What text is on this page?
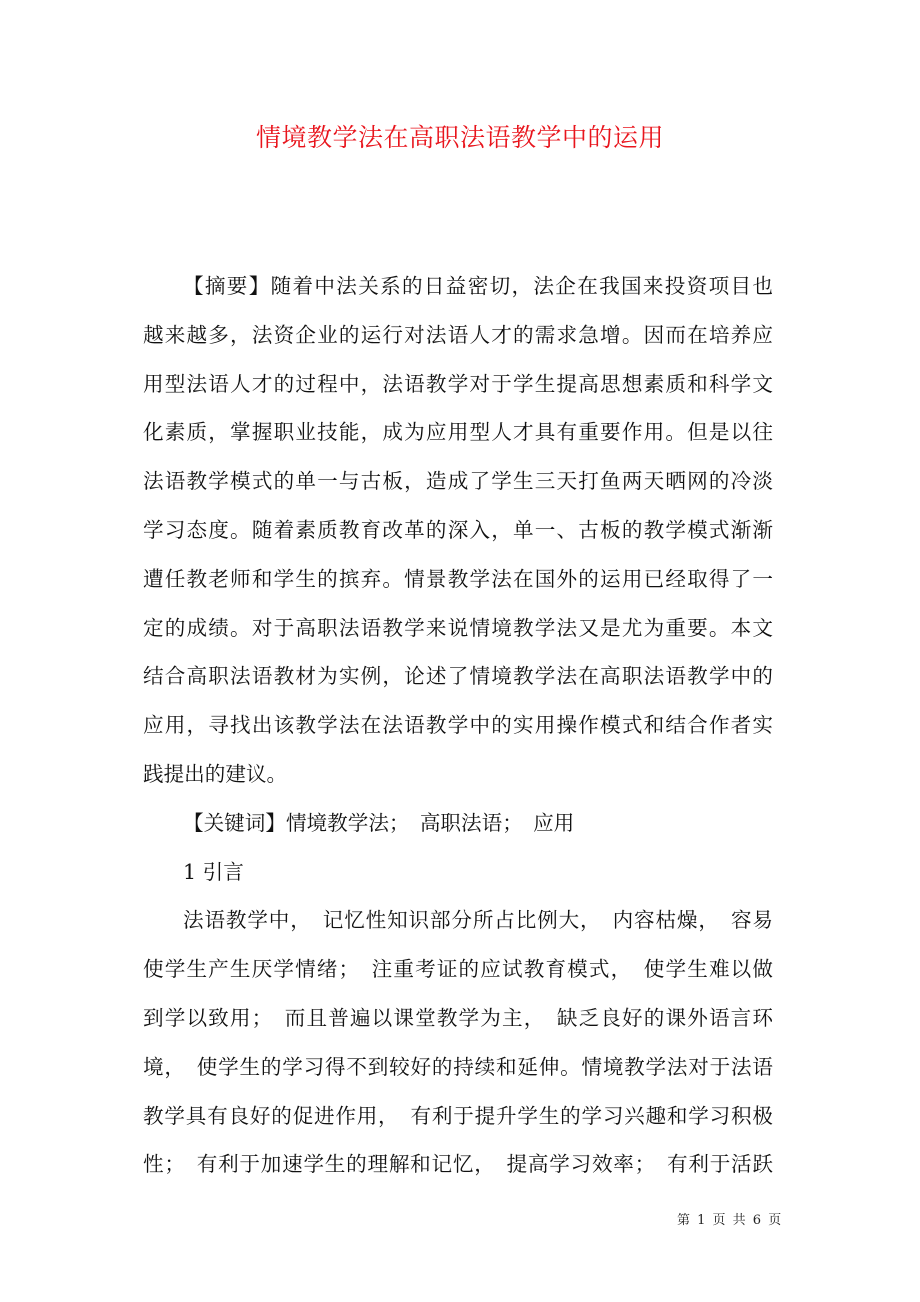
情境教学法在高职法语教学中的运用
【摘要】随着中法关系的日益密切，法企在我国来投资项目也
越来越多，法资企业的运行对法语人才的需求急增。因而在培养应
用型法语人才的过程中，法语教学对于学生提高思想素质和科学文
化素质，掌握职业技能，成为应用型人才具有重要作用。但是以往
法语教学模式的单一与古板，造成了学生三天打鱼两天晒网的冷淡
学习态度。随着素质教育改革的深入，单一、古板的教学模式渐渐
遭任教老师和学生的摈弃。情景教学法在国外的运用已经取得了一
定的成绩。对于高职法语教学来说情境教学法又是尤为重要。本文
结合高职法语教材为实例，论述了情境教学法在高职法语教学中的
应用，寻找出该教学法在法语教学中的实用操作模式和结合作者实
践提出的建议。
【关键词】情境教学法；　高职法语；　应用
1 引言
法语教学中，　记忆性知识部分所占比例大，　内容枯燥，　容易
使学生产生厌学情绪；　注重考证的应试教育模式，　使学生难以做
到学以致用；　而且普遍以课堂教学为主，　缺乏良好的课外语言环
境，　使学生的学习得不到较好的持续和延伸。情境教学法对于法语
教学具有良好的促进作用，　有利于提升学生的学习兴趣和学习积极
性；　有利于加速学生的理解和记忆，　提高学习效率；　有利于活跃
第 1 页 共 6 页
